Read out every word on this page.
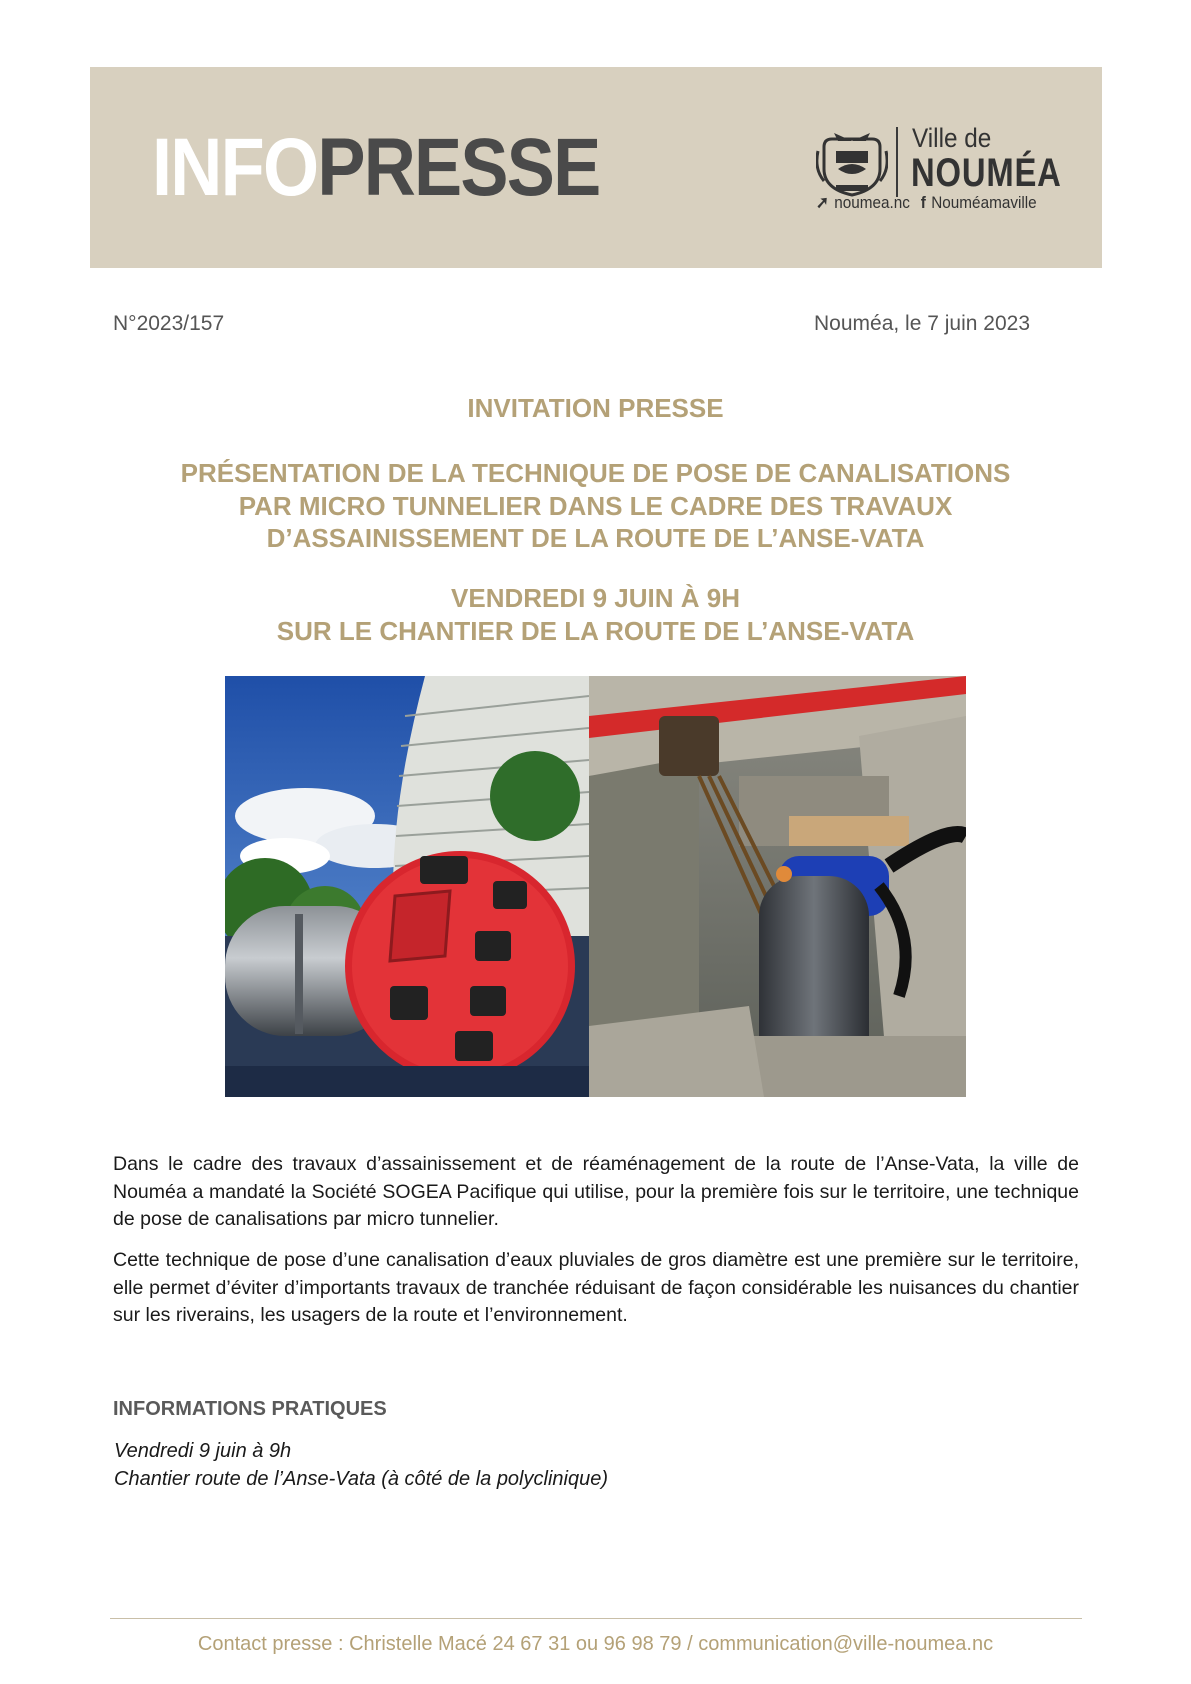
INFOPRESSE	Ville de
NOUMÉA
➚ noumea.nc f Nouméamaville
N°2023/157	Nouméa, le 7 juin 2023
INVITATION PRESSE
PRÉSENTATION DE LA TECHNIQUE DE POSE DE CANALISATIONS
PAR MICRO TUNNELIER DANS LE CADRE DES TRAVAUX
D’ASSAINISSEMENT DE LA ROUTE DE L’ANSE-VATA
VENDREDI 9 JUIN À 9H
SUR LE CHANTIER DE LA ROUTE DE L’ANSE-VATA
Dans le cadre des travaux d’assainissement et de réaménagement de la route de l’Anse-Vata, la ville de Nouméa a mandaté la Société SOGEA Pacifique qui utilise, pour la première fois sur le territoire, une technique de pose de canalisations par micro tunnelier.
Cette technique de pose d’une canalisation d’eaux pluviales de gros diamètre est une première sur le territoire, elle permet d’éviter d’importants travaux de tranchée réduisant de façon considérable les nuisances du chantier sur les riverains, les usagers de la route et l’environnement.
INFORMATIONS PRATIQUES
Vendredi 9 juin à 9h
Chantier route de l’Anse-Vata (à côté de la polyclinique)
Contact presse : Christelle Macé 24 67 31 ou 96 98 79 / communication@ville-noumea.nc
